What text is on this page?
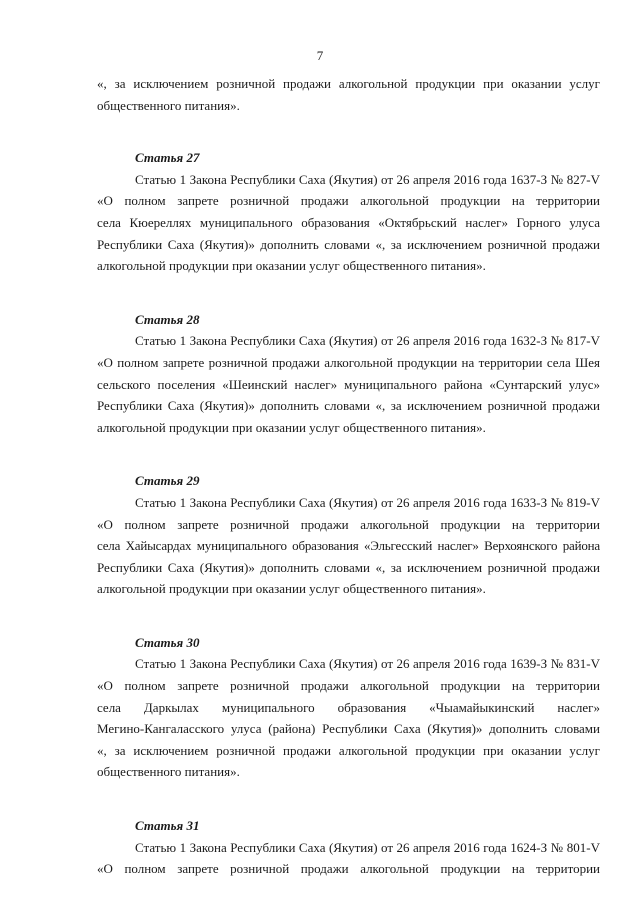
7
«, за исключением розничной продажи алкогольной продукции при оказании услуг
общественного питания».

Статья 27

Статью 1 Закона Республики Саха (Якутия) от 26 апреля 2016 года 1637-З № 827-V
«О полном запрете розничной продажи алкогольной продукции на территории
села Кюереллях муниципального образования «Октябрьский наслег» Горного улуса
Республики Саха (Якутия)» дополнить словами «, за исключением розничной продажи
алкогольной продукции при оказании услуг общественного питания».

Статья 28

Статью 1 Закона Республики Саха (Якутия) от 26 апреля 2016 года 1632-З № 817-V
«О полном запрете розничной продажи алкогольной продукции на территории села Шея
сельского поселения «Шеинский наслег» муниципального района «Сунтарский улус»
Республики Саха (Якутия)» дополнить словами «, за исключением розничной продажи
алкогольной продукции при оказании услуг общественного питания».

Статья 29

Статью 1 Закона Республики Саха (Якутия) от 26 апреля 2016 года 1633-З № 819-V
«О полном запрете розничной продажи алкогольной продукции на территории
села Хайысардах муниципального образования «Эльгесский наслег» Верхоянского района
Республики Саха (Якутия)» дополнить словами «, за исключением розничной продажи
алкогольной продукции при оказании услуг общественного питания».

Статья 30

Статью 1 Закона Республики Саха (Якутия) от 26 апреля 2016 года 1639-З № 831-V
«О полном запрете розничной продажи алкогольной продукции на территории
села Даркылах муниципального образования «Чыамайыкинский наслег»
Мегино-Кангаласского улуса (района) Республики Саха (Якутия)» дополнить словами
«, за исключением розничной продажи алкогольной продукции при оказании услуг
общественного питания».

Статья 31

Статью 1 Закона Республики Саха (Якутия) от 26 апреля 2016 года 1624-З № 801-V
«О полном запрете розничной продажи алкогольной продукции на территории
